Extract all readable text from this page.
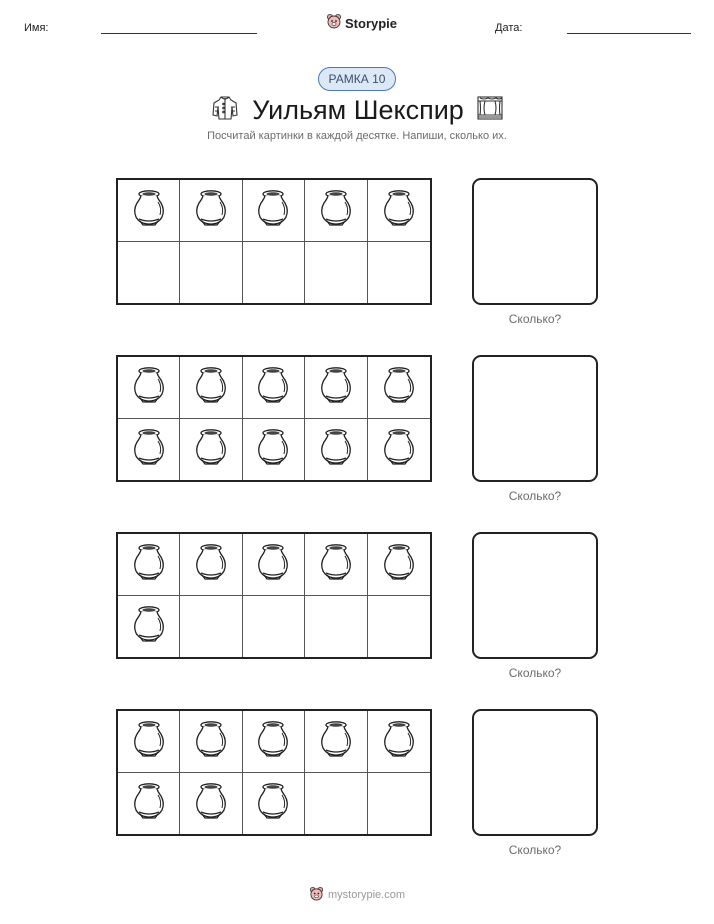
Имя:	Storypie	Дата:
РАМКА 10
Уильям Шекспир
Посчитай картинки в каждой десятке. Напиши, сколько их.
Сколько?
Сколько?
Сколько?
Сколько?
mystorypie.com
